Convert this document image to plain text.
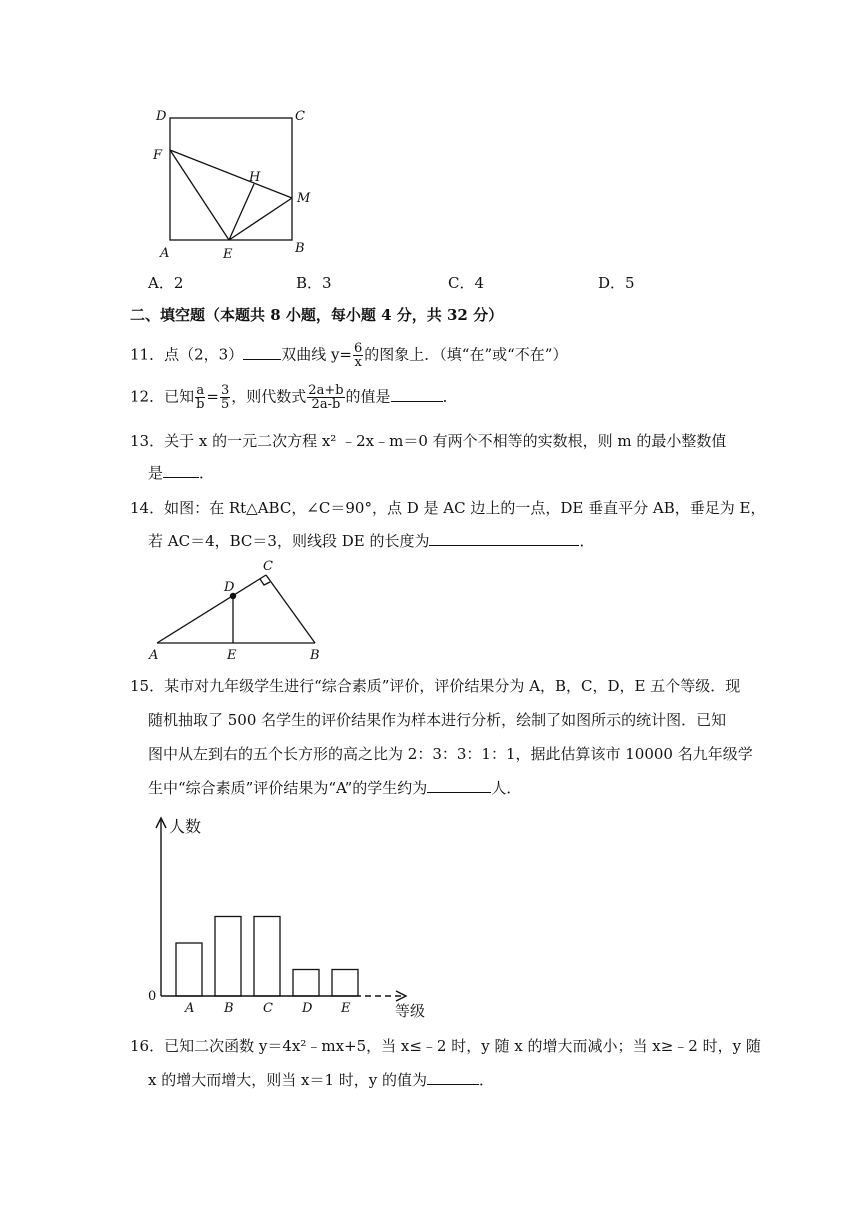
D	C
F
H
M
A	E	B
A．2	B．3	C．4	D．5
二、填空题（本题共 8 小题，每小题 4 分，共 32 分）
11．点（2，3）	双曲线 $y= \frac{6}{x}$ 的图象上．（填“在”或“不在”）
12．已知 $\frac{a}{b} = \frac{3}{5}$ ，则代数式 $\frac{2a+b}{2a-b}$ 的值是	．
13．关于 x 的一元二次方程 x² ﹣2x﹣m＝0 有两个不相等的实数根，则 m 的最小整数值
是 ．
14．如图：在 Rt△ABC，∠C＝90°，点 D 是 AC 边上的一点，DE 垂直平分 AB，垂足为 E，
若 AC＝4，BC＝3，则线段 DE 的长度为	．
A	E	B
D
C
15．某市对九年级学生进行“综合素质”评价，评价结果分为 A，B，C，D，E 五个等级．现
随机抽取了 500 名学生的评价结果作为样本进行分析，绘制了如图所示的统计图．已知
图中从左到右的五个长方形的高之比为 2：3：3：1：1，据此估算该市 10000 名九年级学
生中“综合素质”评价结果为“A”的学生约为	人．
A B C D E
人数
等级
0
16．已知二次函数 y＝4x²﹣mx+5，当 x≤﹣2 时，y 随 x 的增大而减小；当 x≥﹣2 时，y 随
x 的增大而增大，则当 x＝1 时，y 的值为	．
